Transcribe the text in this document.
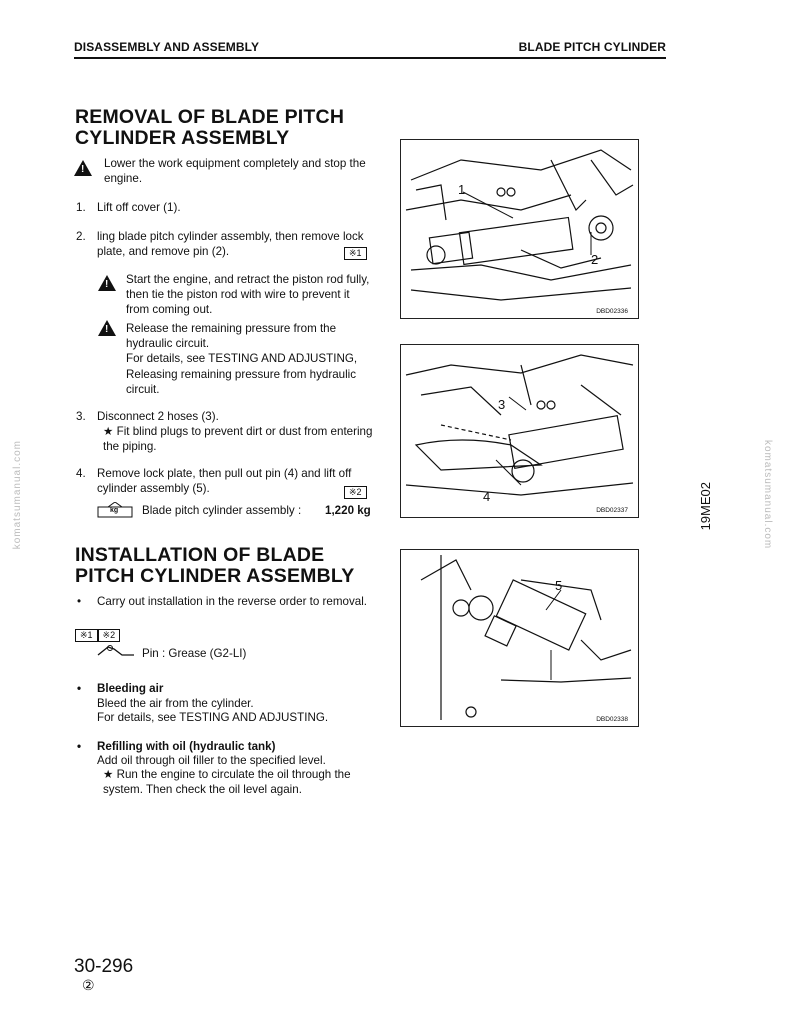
DISASSEMBLY AND ASSEMBLY	BLADE PITCH CYLINDER
REMOVAL OF BLADE PITCH
CYLINDER ASSEMBLY
!
Lower the work equipment completely and stop the engine.
1. Lift off cover (1).
2. ling blade pitch cylinder assembly, then remove lock plate, and remove pin (2).	※1
!
Start the engine, and retract the piston rod fully, then tie the piston rod with wire to prevent it from coming out.
!
Release the remaining pressure from the hydraulic circuit.
For details, see TESTING AND ADJUSTING, Releasing remaining pressure from hydraulic circuit.
3. Disconnect 2 hoses (3).
★ Fit blind plugs to prevent dirt or dust from entering the piping.
4. Remove lock plate, then pull out pin (4) and lift off cylinder assembly (5).	※2
kg Blade pitch cylinder assembly : 1,220 kg
INSTALLATION OF BLADE
PITCH CYLINDER ASSEMBLY
• Carry out installation in the reverse order to removal.
※1 ※2
Pin : Grease (G2-LI)
• Bleeding air
Bleed the air from the cylinder.
For details, see TESTING AND ADJUSTING.
• Refilling with oil (hydraulic tank)
Add oil through oil filler to the specified level.
★ Run the engine to circulate the oil through the system. Then check the oil level again.
1
2
DBD02336
3
4
DBD02337
5
DBD02338
19ME02
komatsumanual.com	komatsumanual.com
30-296
②
